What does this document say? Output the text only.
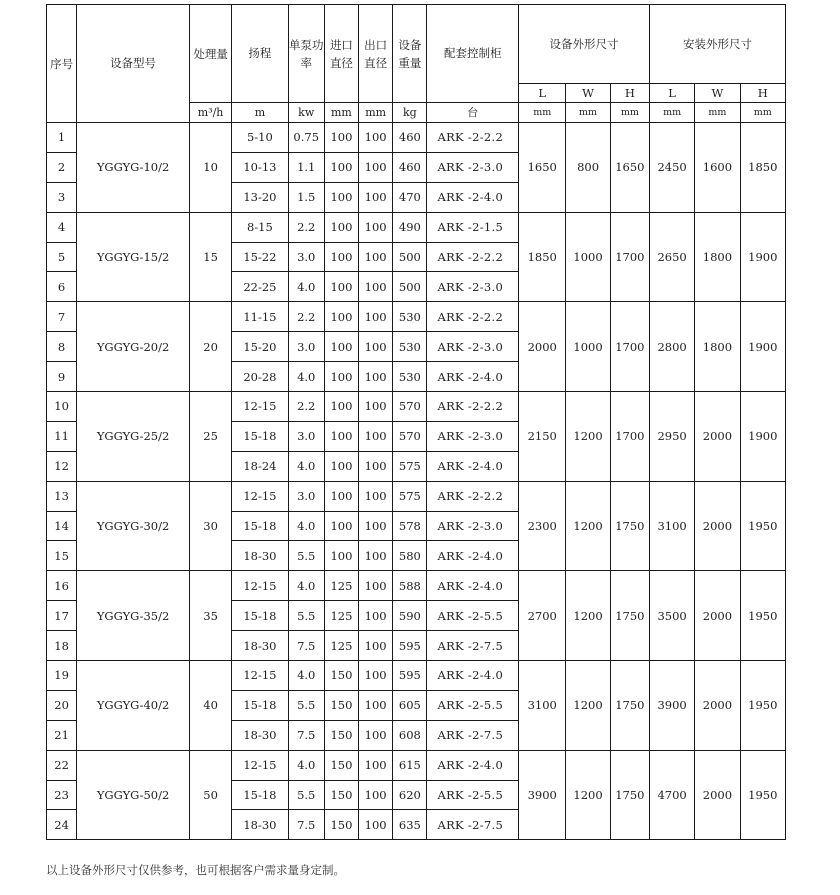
序号	设备型号	处理量	扬程	单泵功率	进口直径	出口直径	设备重量	配套控制柜	设备外形尺寸			安装外形尺寸		
									L	W	H	L	W	H
		m³/h	m	kw	mm	mm	kg	台	mm	mm	mm	mm	mm	mm
1	YGGYG-10/2	10	5-10	0.75	100	100	460	ARK -2-2.2	1650	800	1650	2450	1600	1850
2			10-13	1.1	100	100	460	ARK -2-3.0						
3			13-20	1.5	100	100	470	ARK -2-4.0						
4	YGGYG-15/2	15	8-15	2.2	100	100	490	ARK -2-1.5	1850	1000	1700	2650	1800	1900
5			15-22	3.0	100	100	500	ARK -2-2.2						
6			22-25	4.0	100	100	500	ARK -2-3.0						
7	YGGYG-20/2	20	11-15	2.2	100	100	530	ARK -2-2.2	2000	1000	1700	2800	1800	1900
8			15-20	3.0	100	100	530	ARK -2-3.0						
9			20-28	4.0	100	100	530	ARK -2-4.0						
10	YGGYG-25/2	25	12-15	2.2	100	100	570	ARK -2-2.2	2150	1200	1700	2950	2000	1900
11			15-18	3.0	100	100	570	ARK -2-3.0						
12			18-24	4.0	100	100	575	ARK -2-4.0						
13	YGGYG-30/2	30	12-15	3.0	100	100	575	ARK -2-2.2	2300	1200	1750	3100	2000	1950
14			15-18	4.0	100	100	578	ARK -2-3.0						
15			18-30	5.5	100	100	580	ARK -2-4.0						
16	YGGYG-35/2	35	12-15	4.0	125	100	588	ARK -2-4.0	2700	1200	1750	3500	2000	1950
17			15-18	5.5	125	100	590	ARK -2-5.5						
18			18-30	7.5	125	100	595	ARK -2-7.5						
19	YGGYG-40/2	40	12-15	4.0	150	100	595	ARK -2-4.0	3100	1200	1750	3900	2000	1950
20			15-18	5.5	150	100	605	ARK -2-5.5						
21			18-30	7.5	150	100	608	ARK -2-7.5						
22	YGGYG-50/2	50	12-15	4.0	150	100	615	ARK -2-4.0	3900	1200	1750	4700	2000	1950
23			15-18	5.5	150	100	620	ARK -2-5.5						
24			18-30	7.5	150	100	635	ARK -2-7.5						
以上设备外形尺寸仅供参考，也可根据客户需求量身定制。
